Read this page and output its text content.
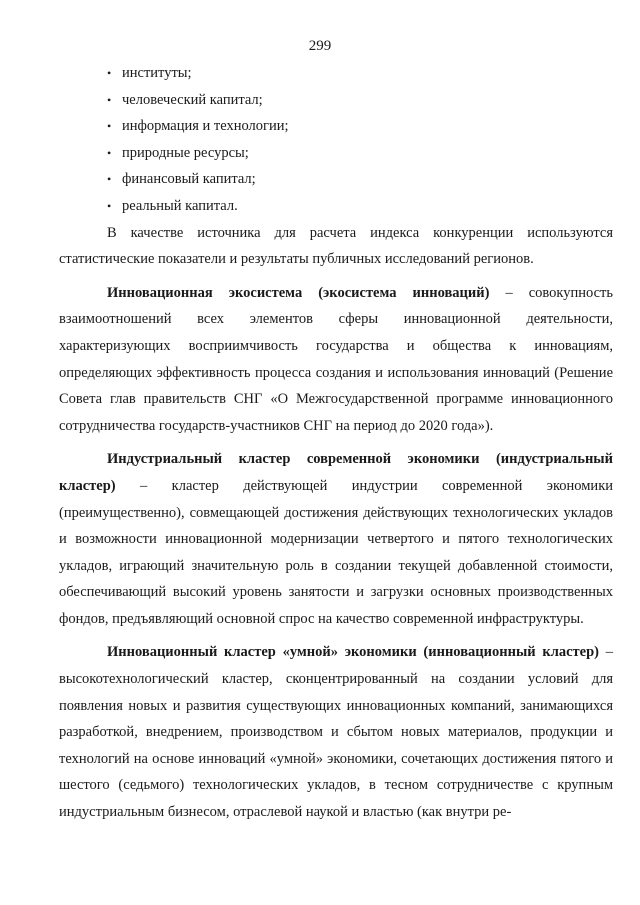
299
• институты;
• человеческий капитал;
• информация и технологии;
• природные ресурсы;
• финансовый капитал;
• реальный капитал.

В качестве источника для расчета индекса конкуренции используются статистические показатели и результаты публичных исследований регионов.

Инновационная экосистема (экосистема инноваций) – совокупность взаимоотношений всех элементов сферы инновационной деятельности, характеризующих восприимчивость государства и общества к инновациям, определяющих эффективность процесса создания и использования инноваций (Решение Совета глав правительств СНГ «О Межгосударственной программе инновационного сотрудничества государств-участников СНГ на период до 2020 года»).

Индустриальный кластер современной экономики (индустриальный кластер) – кластер действующей индустрии современной экономики (преимущественно), совмещающей достижения действующих технологических укладов и возможности инновационной модернизации четвертого и пятого технологических укладов, играющий значительную роль в создании текущей добавленной стоимости, обеспечивающий высокий уровень занятости и загрузки основных производственных фондов, предъявляющий основной спрос на качество современной инфраструктуры.

Инновационный кластер «умной» экономики (инновационный кластер) – высокотехнологический кластер, сконцентрированный на создании условий для появления новых и развития существующих инновационных компаний, занимающихся разработкой, внедрением, производством и сбытом новых материалов, продукции и технологий на основе инноваций «умной» экономики, сочетающих достижения пятого и шестого (седьмого) технологических укладов, в тесном сотрудничестве с крупным индустриальным бизнесом, отраслевой наукой и властью (как внутри ре-
